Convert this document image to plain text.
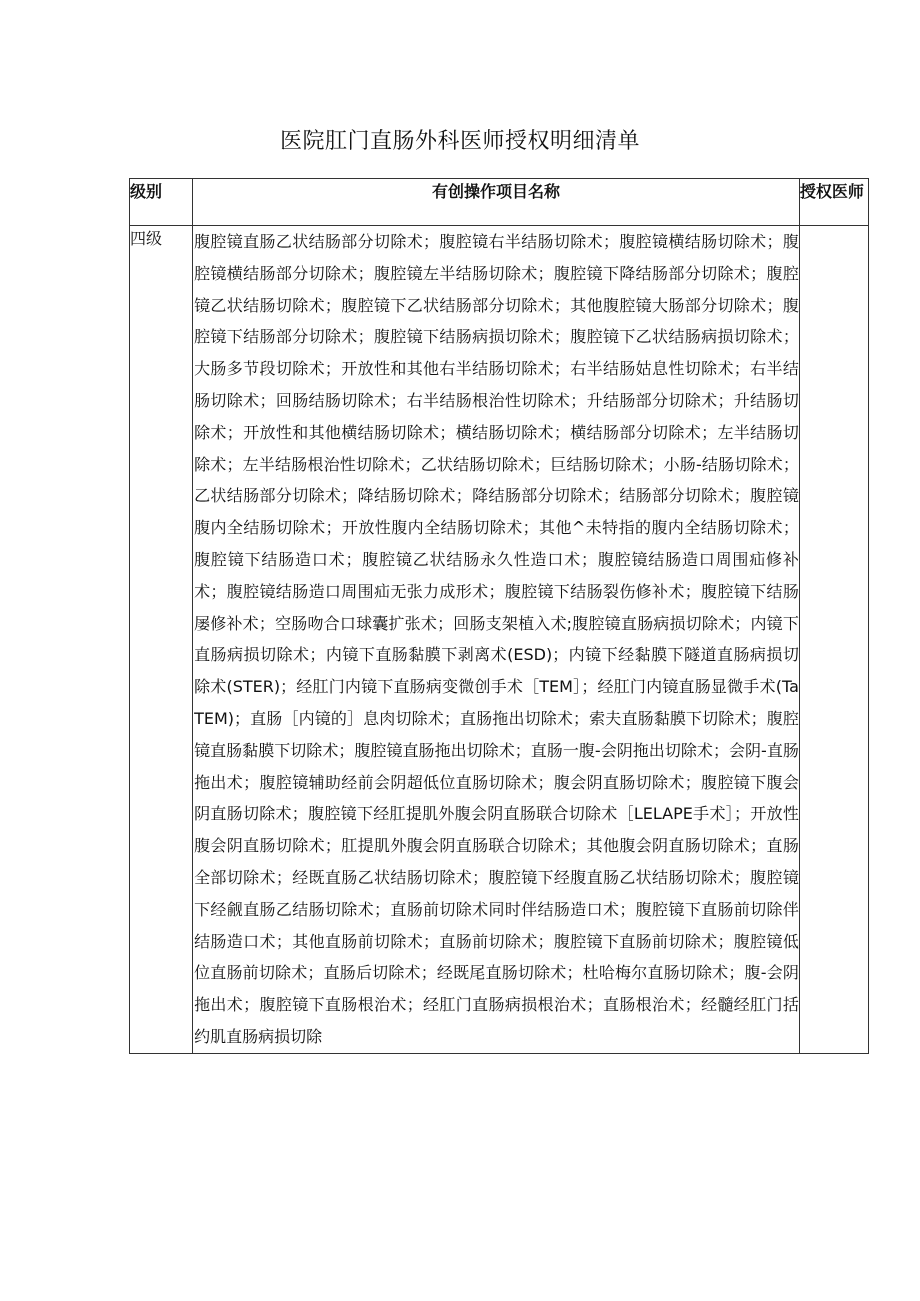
医院肛门直肠外科医师授权明细清单
级别	有创操作项目名称	授权医师
四级	腹腔镜直肠乙状结肠部分切除术；腹腔镜右半结肠切除术；腹腔镜横结肠切除术；腹腔镜横结肠部分切除术；腹腔镜左半结肠切除术；腹腔镜下降结肠部分切除术；腹腔镜乙状结肠切除术；腹腔镜下乙状结肠部分切除术；其他腹腔镜大肠部分切除术；腹腔镜下结肠部分切除术；腹腔镜下结肠病损切除术；腹腔镜下乙状结肠病损切除术；大肠多节段切除术；开放性和其他右半结肠切除术；右半结肠姑息性切除术；右半结肠切除术；回肠结肠切除术；右半结肠根治性切除术；升结肠部分切除术；升结肠切除术；开放性和其他横结肠切除术；横结肠切除术；横结肠部分切除术；左半结肠切除术；左半结肠根治性切除术；乙状结肠切除术；巨结肠切除术；小肠-结肠切除术；乙状结肠部分切除术；降结肠切除术；降结肠部分切除术；结肠部分切除术；腹腔镜腹内全结肠切除术；开放性腹内全结肠切除术；其他^未特指的腹内全结肠切除术；腹腔镜下结肠造口术；腹腔镜乙状结肠永久性造口术；腹腔镜结肠造口周围疝修补术；腹腔镜结肠造口周围疝无张力成形术；腹腔镜下结肠裂伤修补术；腹腔镜下结肠屡修补术；空肠吻合口球囊扩张术；回肠支架植入术;腹腔镜直肠病损切除术；内镜下直肠病损切除术；内镜下直肠黏膜下剥离术(ESD)；内镜下经黏膜下隧道直肠病损切除术(STER)；经肛门内镜下直肠病变微创手术［TEM］；经肛门内镜直肠显微手术(TaTEM)；直肠［内镜的］息肉切除术；直肠拖出切除术；索夫直肠黏膜下切除术；腹腔镜直肠黏膜下切除术；腹腔镜直肠拖出切除术；直肠一腹-会阴拖出切除术；会阴-直肠拖出术；腹腔镜辅助经前会阴超低位直肠切除术；腹会阴直肠切除术；腹腔镜下腹会阴直肠切除术；腹腔镜下经肛提肌外腹会阴直肠联合切除术［LELAPE手术］；开放性腹会阴直肠切除术；肛提肌外腹会阴直肠联合切除术；其他腹会阴直肠切除术；直肠全部切除术；经既直肠乙状结肠切除术；腹腔镜下经腹直肠乙状结肠切除术；腹腔镜下经觎直肠乙结肠切除术；直肠前切除术同时伴结肠造口术；腹腔镜下直肠前切除伴结肠造口术；其他直肠前切除术；直肠前切除术；腹腔镜下直肠前切除术；腹腔镜低位直肠前切除术；直肠后切除术；经既尾直肠切除术；杜哈梅尔直肠切除术；腹-会阴拖出术；腹腔镜下直肠根治术；经肛门直肠病损根治术；直肠根治术；经髓经肛门括约肌直肠病损切除	
